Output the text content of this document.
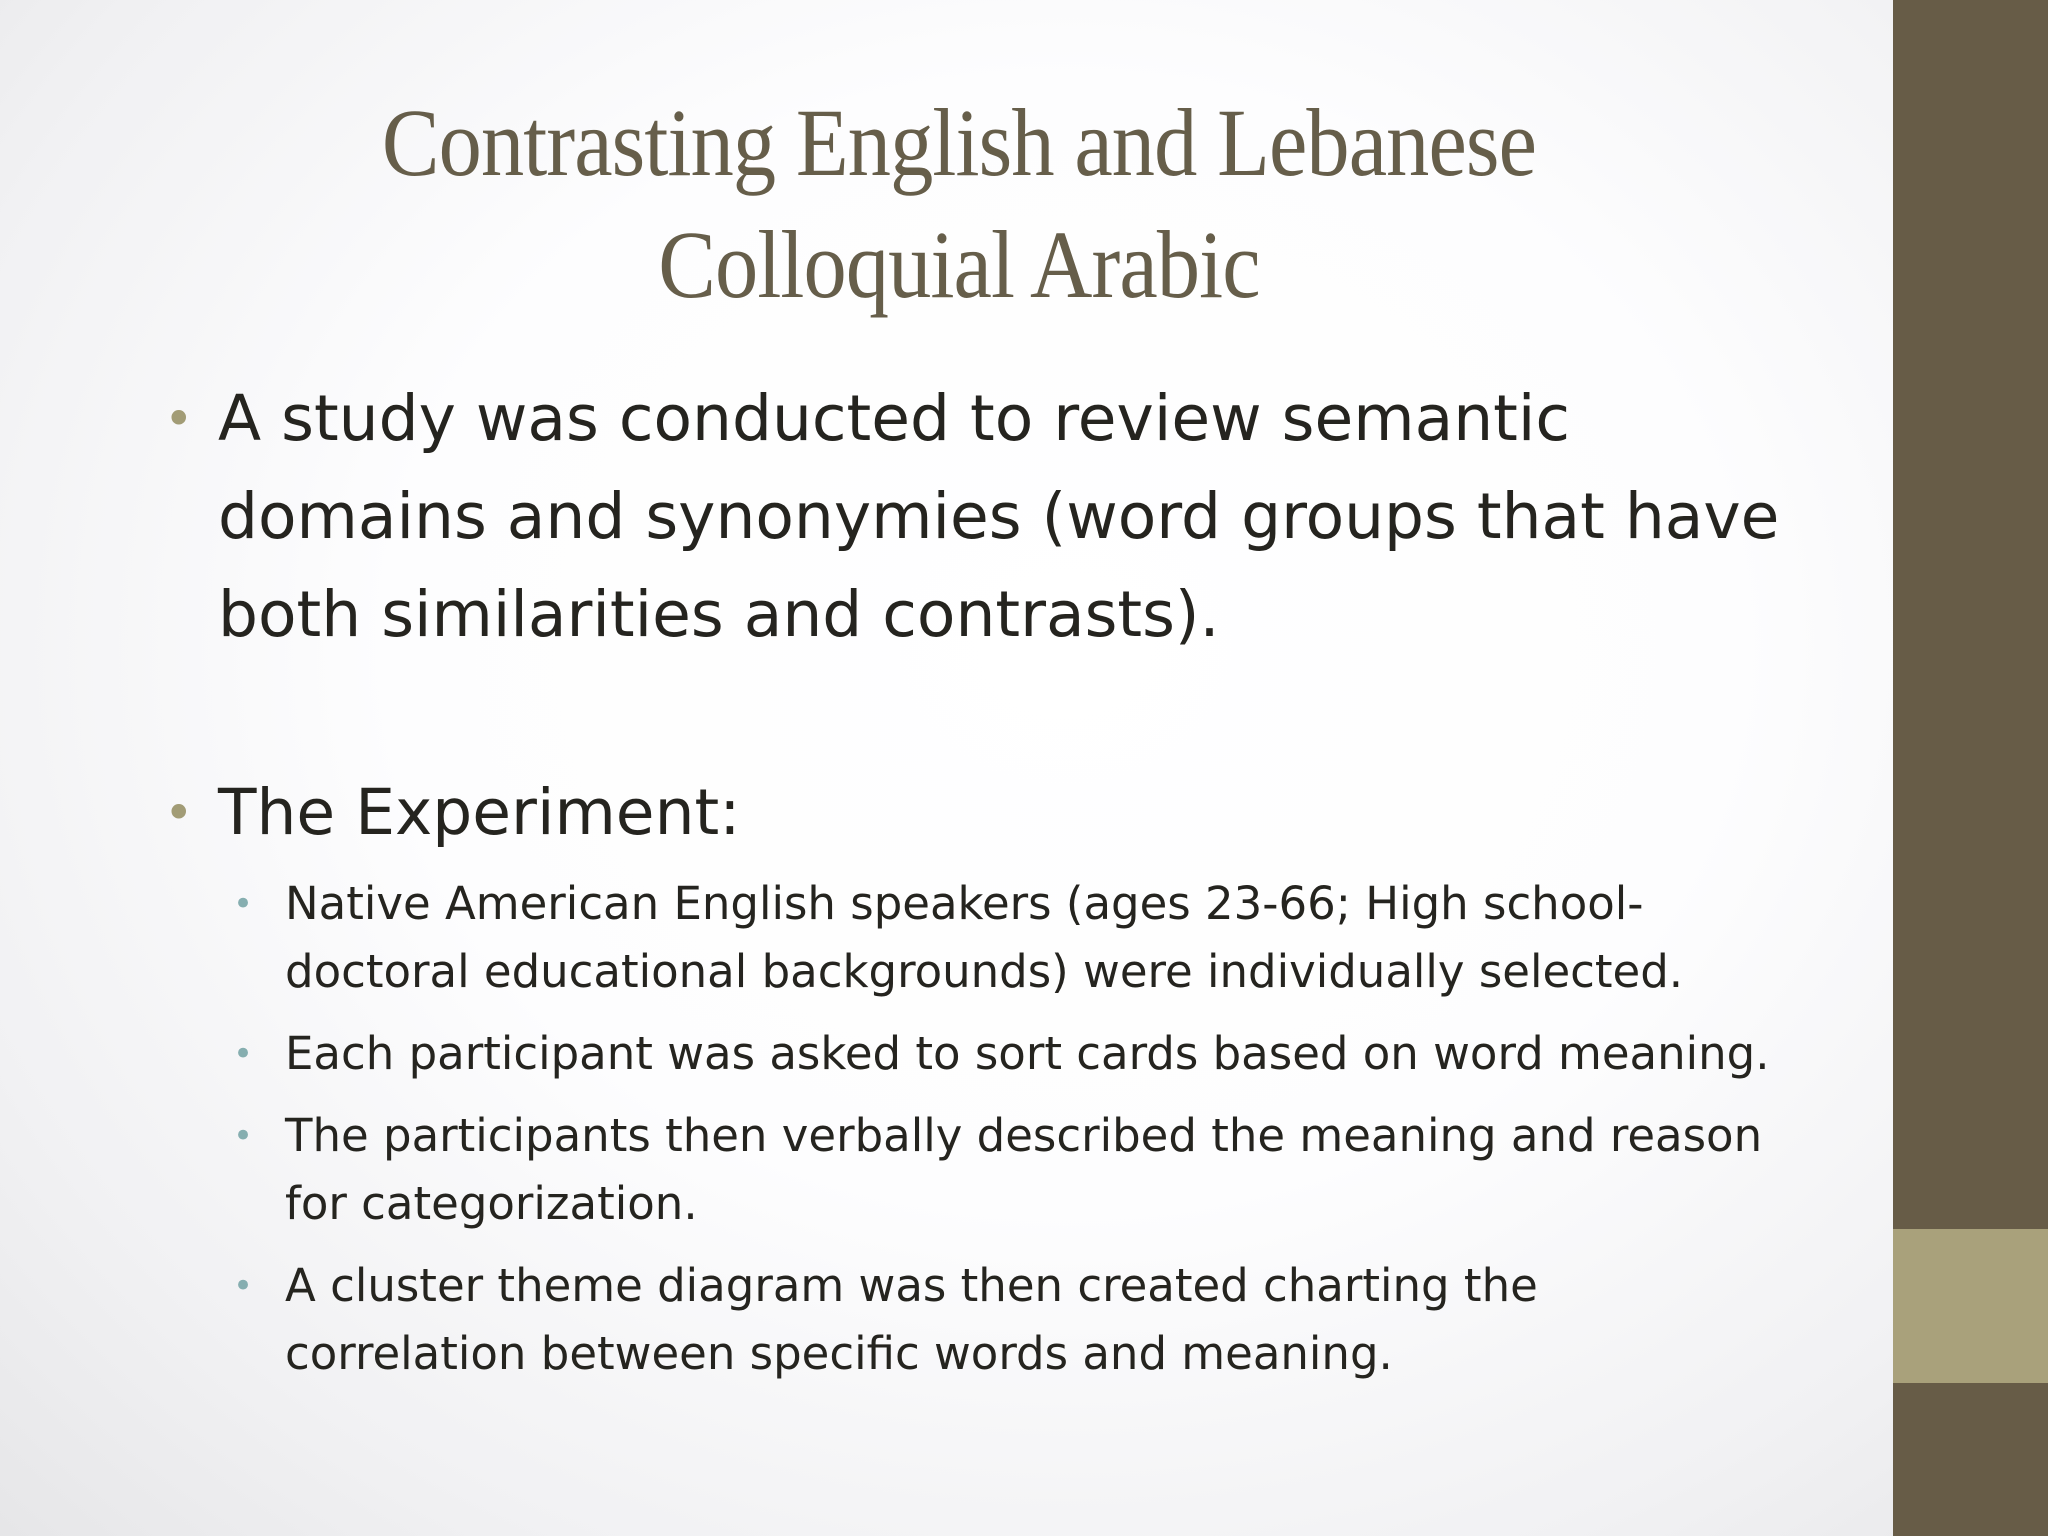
Contrasting English and Lebanese
Colloquial Arabic
• A study was conducted to review semantic
domains and synonymies (word groups that have
both similarities and contrasts).
• The Experiment:
• Native American English speakers (ages 23-66; High school-
doctoral educational backgrounds) were individually selected.
• Each participant was asked to sort cards based on word meaning.
• The participants then verbally described the meaning and reason
for categorization.
• A cluster theme diagram was then created charting the
correlation between specific words and meaning.
